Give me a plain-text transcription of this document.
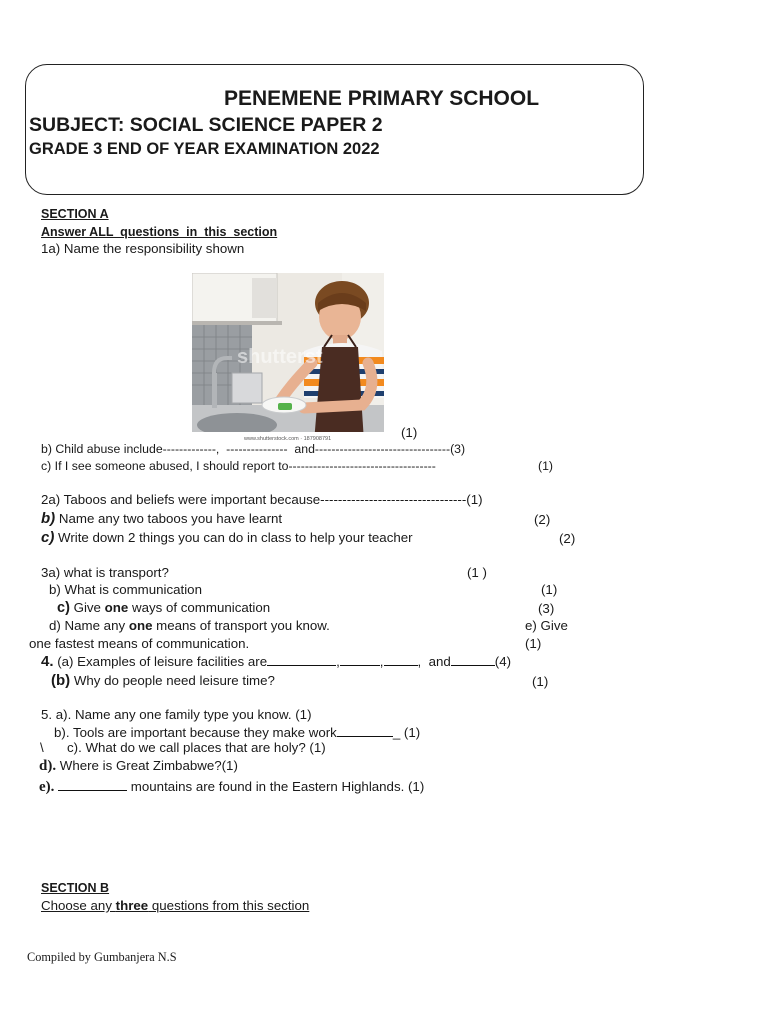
PENEMENE PRIMARY SCHOOL
SUBJECT: SOCIAL SCIENCE PAPER 2
GRADE 3 END OF YEAR EXAMINATION 2022
SECTION A
Answer ALL  questions  in  this  section
1a) Name the responsibility shown
shutterst
www.shutterstock.com · 187908791	(1)
b) Child abuse include-------------,  ---------------  and---------------------------------(3)
c) If I see someone abused, I should report to------------------------------------	(1)
2a) Taboos and beliefs were important because---------------------------------(1)
b) Name any two taboos you have learnt	(2)
c) Write down 2 things you can do in class to help your teacher	(2)
3a) what is transport?	(1 )
b) What is communication	(1)
c) Give one ways of communication	(3)
d) Name any one means of transport you know.	e) Give
one fastest means of communication.	(1)
4. (a) Examples of leisure facilities are	,	,	,  and	(4)
(b) Why do people need leisure time?	(1)
5. a). Name any one family type you know. (1)
b). Tools are important because they make work	_ (1)
\ c). What do we call places that are holy? (1)
d). Where is Great Zimbabwe?(1)
e).	mountains are found in the Eastern Highlands. (1)
SECTION B
Choose any three questions from this section
Compiled by Gumbanjera N.S
